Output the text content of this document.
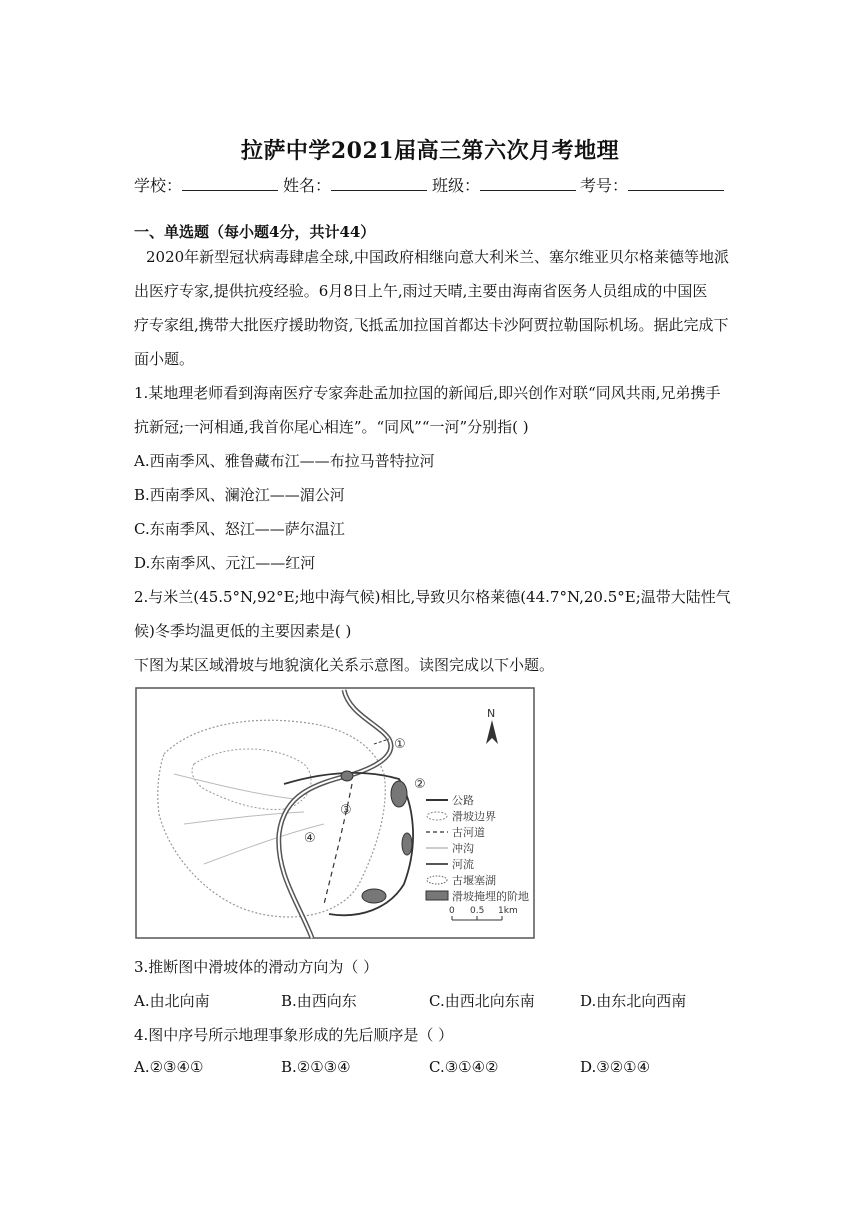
拉萨中学2021届高三第六次月考地理
学校：	姓名：	班级：	考号：
一、单选题（每小题4分，共计44）
2020年新型冠状病毒肆虐全球,中国政府相继向意大利米兰、塞尔维亚贝尔格莱德等地派
出医疗专家,提供抗疫经验。6月8日上午,雨过天晴,主要由海南省医务人员组成的中国医
疗专家组,携带大批医疗援助物资,飞抵孟加拉国首都达卡沙阿贾拉勒国际机场。据此完成下
面小题。
1.某地理老师看到海南医疗专家奔赴孟加拉国的新闻后,即兴创作对联“同风共雨,兄弟携手
抗新冠;一河相通,我首你尾心相连”。“同风”“一河”分别指( )
A.西南季风、雅鲁藏布江——布拉马普特拉河
B.西南季风、澜沧江——湄公河
C.东南季风、怒江——萨尔温江
D.东南季风、元江——红河
2.与米兰(45.5°N,92°E;地中海气候)相比,导致贝尔格莱德(44.7°N,20.5°E;温带大陆性气
候)冬季均温更低的主要因素是( )
下图为某区域滑坡与地貌演化关系示意图。读图完成以下小题。
①
②
③
④
N
公路
滑坡边界
古河道
冲沟
河流
古堰塞湖
滑坡掩埋的阶地
0 0.5 1km
3.推断图中滑坡体的滑动方向为（ ）
A.由北向南	B.由西向东	C.由西北向东南	D.由东北向西南
4.图中序号所示地理事象形成的先后顺序是（ ）
A.②③④①	B.②①③④	C.③①④②	D.③②①④
